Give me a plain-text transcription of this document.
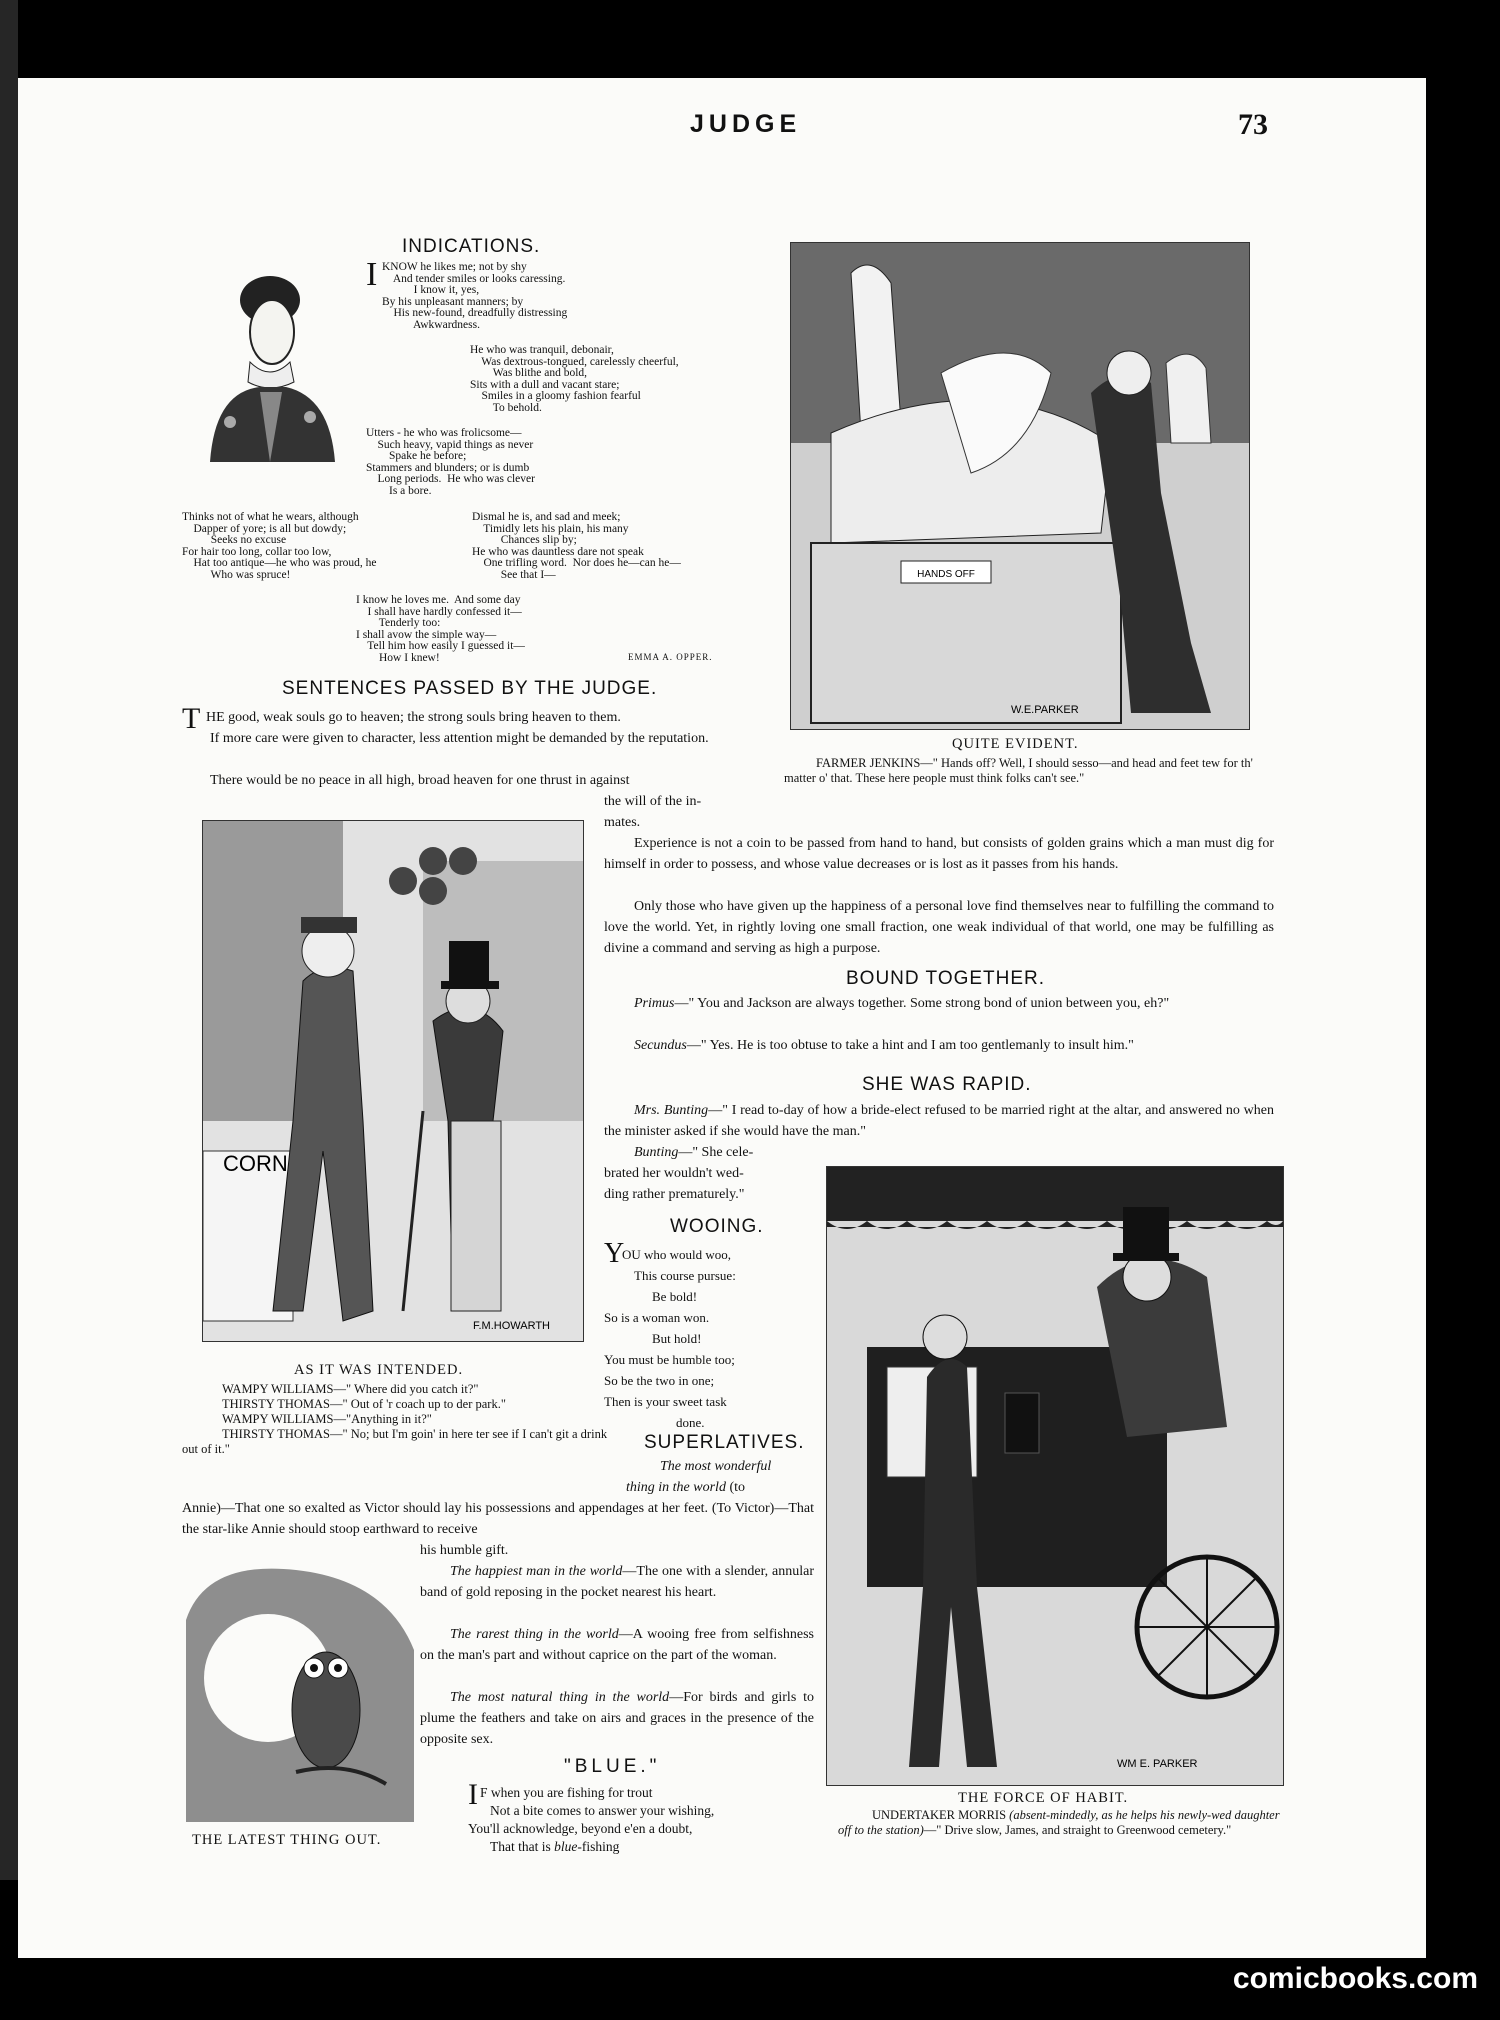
JUDGE	73
INDICATIONS.
I KNOW he likes me; not by shy
And tender smiles or looks caressing.
I know it, yes,
By his unpleasant manners; by
His new-found, dreadfully distressing
Awkwardness.
He who was tranquil, debonair,
Was dextrous-tongued, carelessly cheerful,
Was blithe and bold,
Sits with a dull and vacant stare;
Smiles in a gloomy fashion fearful
To behold.
Utters - he who was frolicsome—
Such heavy, vapid things as never
Spake he before;
Stammers and blunders; or is dumb
Long periods.  He who was clever
Is a bore.
Thinks not of what he wears, although
Dapper of yore; is all but dowdy;
Seeks no excuse
For hair too long, collar too low,
Hat too antique—he who was proud, he
Who was spruce!
Dismal he is, and sad and meek;
Timidly lets his plain, his many
Chances slip by;
He who was dauntless dare not speak
One trifling word.  Nor does he—can he—
See that I—
I know he loves me.  And some day
I shall have hardly confessed it—
Tenderly too:
I shall avow the simple way—
Tell him how easily I guessed it—
How I knew!	EMMA A. OPPER.
SENTENCES PASSED BY THE JUDGE.
T HE good, weak souls go to heaven; the strong souls bring heaven to them.
If more care were given to character, less attention might be demanded by the reputation.
There would be no peace in all high, broad heaven for one thrust in against
the will of the in-
mates.
Experience is not a coin to be passed from hand to hand, but consists of golden grains which a man must dig for himself in order to possess, and whose value decreases or is lost as it passes from his hands.
Only those who have given up the happiness of a personal love find themselves near to fulfilling the command to love the world. Yet, in rightly loving one small fraction, one weak individual of that world, one may be fulfilling as divine a command and serving as high a purpose.
HANDS OFF
W.E.PARKER
QUITE EVIDENT.
FARMER JENKINS—" Hands off? Well, I should sesso—and head and feet tew for th' matter o' that. These here people must think folks can't see."
CORN
F.M.HOWARTH
AS IT WAS INTENDED.
WAMPY WILLIAMS—" Where did you catch it?"
THIRSTY THOMAS—" Out of 'r coach up to der park."
WAMPY WILLIAMS—"Anything in it?"
THIRSTY THOMAS—" No; but I'm goin' in here ter see if I can't git a drink out of it."
BOUND TOGETHER.
Primus—" You and Jackson are always together. Some strong bond of union between you, eh?"
Secundus—" Yes. He is too obtuse to take a hint and I am too gentlemanly to insult him."
SHE WAS RAPID.
Mrs. Bunting—" I read to-day of how a bride-elect refused to be married right at the altar, and answered no when the minister asked if she would have the man."
Bunting—" She cele-
brated her wouldn't wed-
ding rather prematurely."
WOOING.
Y
OU who would woo,
This course pursue:
Be bold!
So is a woman won.
But hold!
You must be humble too;
So be the two in one;
Then is your sweet task
done.
SUPERLATIVES.
The most wonderful
thing in the world (to
Annie)—That one so exalted as Victor should lay his possessions and appendages at her feet. (To Victor)—That the star-like Annie should stoop earthward to receive
his humble gift.
The happiest man in the world—The one with a slender, annular band of gold reposing in the pocket nearest his heart.
The rarest thing in the world—A wooing free from selfishness on the man's part and without caprice on the part of the woman.
The most natural thing in the world—For birds and girls to plume the feathers and take on airs and graces in the presence of the opposite sex.
THE LATEST THING OUT.
"BLUE."
I F when you are fishing for trout
Not a bite comes to answer your wishing,
You'll acknowledge, beyond e'en a doubt,
That that is blue-fishing
WM E. PARKER
THE FORCE OF HABIT.
UNDERTAKER MORRIS (absent-mindedly, as he helps his newly-wed daughter off to the station)—" Drive slow, James, and straight to Greenwood cemetery."
comicbooks.com
